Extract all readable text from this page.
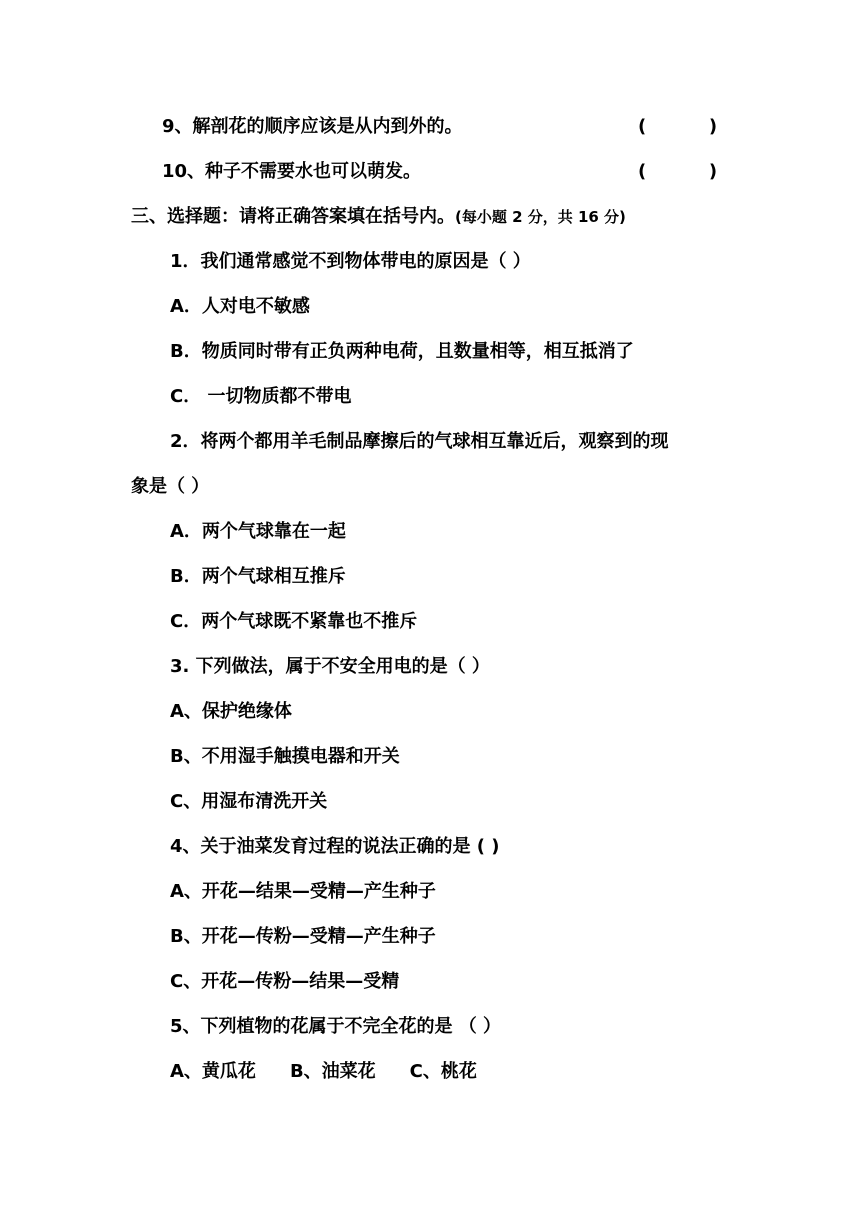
9、解剖花的顺序应该是从内到外的。	(          )
10、种子不需要水也可以萌发。	(          )
三、选择题：请将正确答案填在括号内。(每小题 2 分，共 16 分)
1．我们通常感觉不到物体带电的原因是（ ）
A．人对电不敏感
B．物质同时带有正负两种电荷，且数量相等，相互抵消了
C． 一切物质都不带电
2．将两个都用羊毛制品摩擦后的气球相互靠近后，观察到的现
象是（ ）
A．两个气球靠在一起
B．两个气球相互推斥
C．两个气球既不紧靠也不推斥
3. 下列做法，属于不安全用电的是（ ）
A、保护绝缘体
B、不用湿手触摸电器和开关
C、用湿布清洗开关
4、关于油菜发育过程的说法正确的是 ( )
A、开花—结果—受精—产生种子
B、开花—传粉—受精—产生种子
C、开花—传粉—结果—受精
5、下列植物的花属于不完全花的是 （ ）
A、黄瓜花 B、油菜花 C、桃花
